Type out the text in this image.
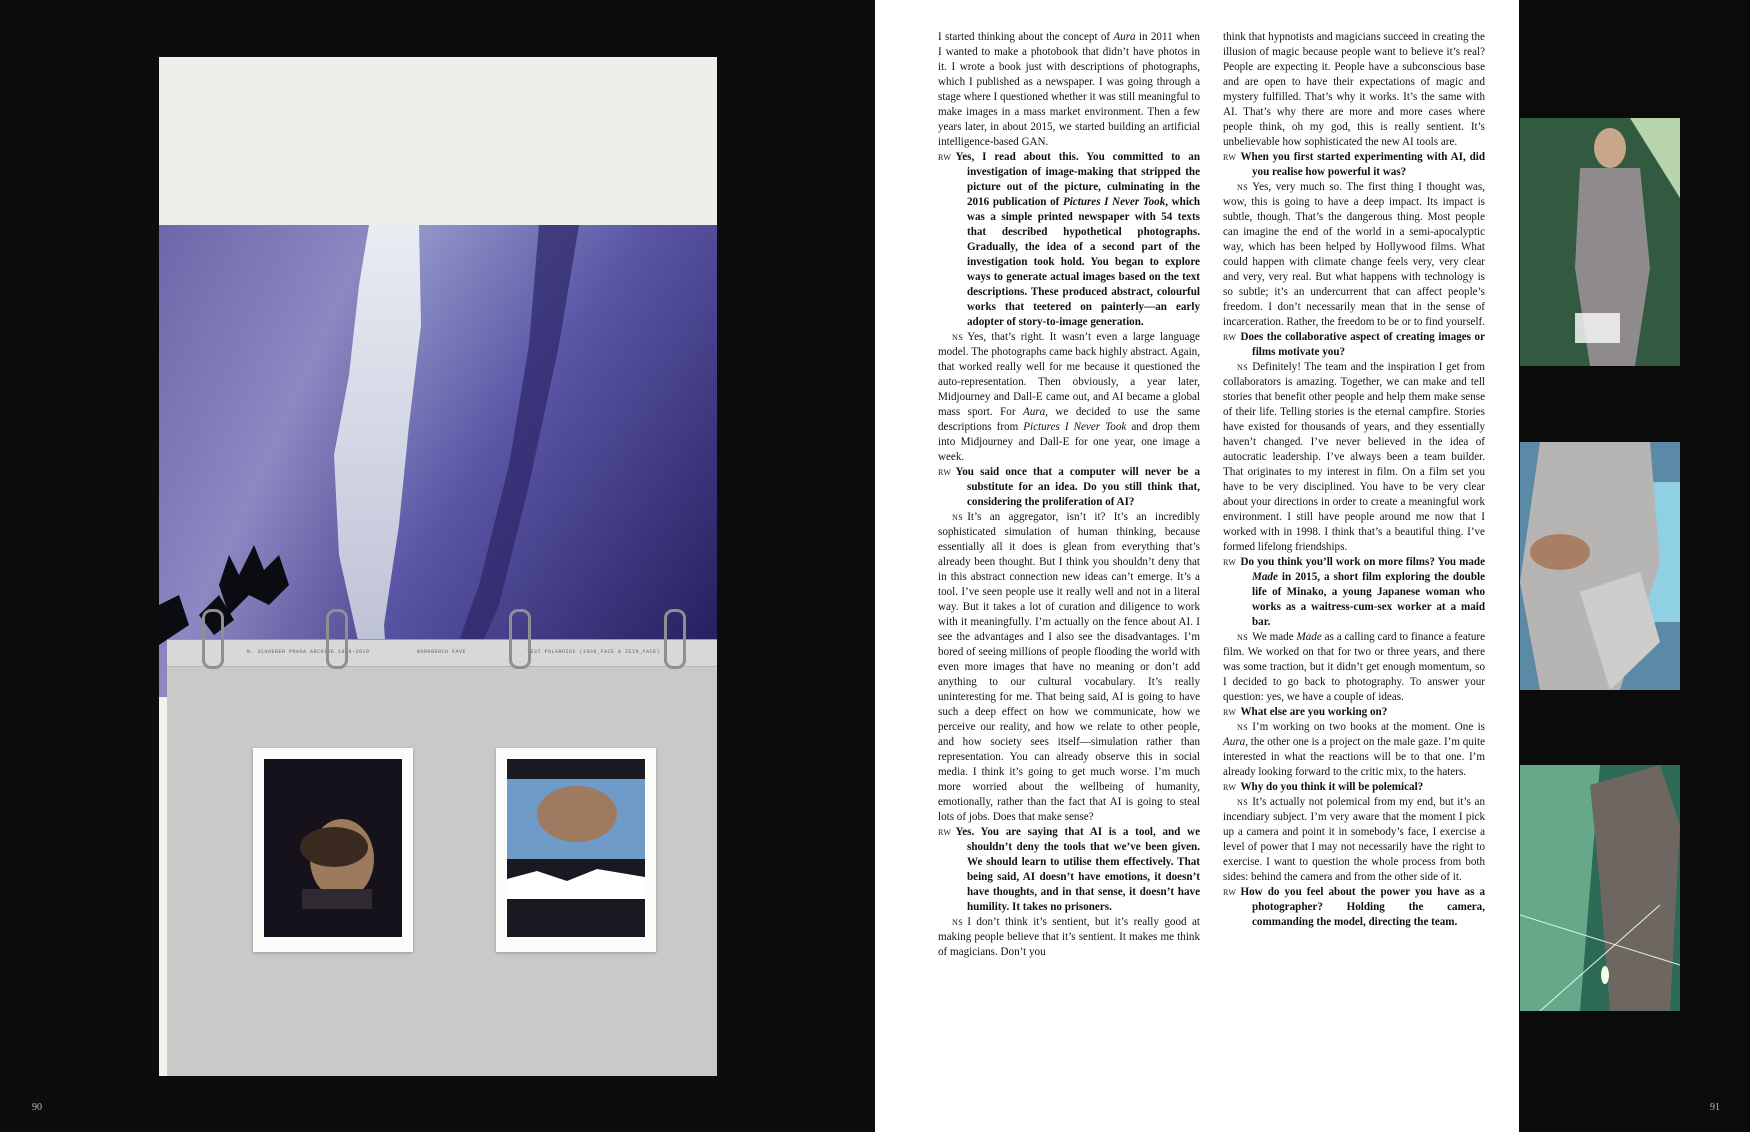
N. SCHOERER PRADA ARCHIVE 1998–2010	WORKBENCH FAVE	TEST POLAROIDS (1998_FACE & ZEIN_FACE)
90

I started thinking about the concept of Aura in 2011 when I wanted to make a photobook that didn’t have photos in it. I wrote a book just with descriptions of photographs, which I published as a newspaper. I was going through a stage where I questioned whether it was still meaningful to make images in a mass market environment. Then a few years later, in about 2015, we started building an artificial intelligence-based GAN.

RW Yes, I read about this. You committed to an investigation of image-making that stripped the picture out of the picture, culminating in the 2016 publication of Pictures I Never Took, which was a simple printed newspaper with 54 texts that described hypothetical photographs. Gradually, the idea of a second part of the investigation took hold. You began to explore ways to generate actual images based on the text descriptions. These produced abstract, colourful works that teetered on painterly—an early adopter of story-to-image generation.

NS Yes, that’s right. It wasn’t even a large language model. The photographs came back highly abstract. Again, that worked really well for me because it questioned the auto-representation. Then obviously, a year later, Midjourney and Dall-E came out, and AI became a global mass sport. For Aura, we decided to use the same descriptions from Pictures I Never Took and drop them into Midjourney and Dall-E for one year, one image a week.

RW You said once that a computer will never be a substitute for an idea. Do you still think that, considering the proliferation of AI?

NS It’s an aggregator, isn’t it? It’s an incredibly sophisticated simulation of human thinking, because essentially all it does is glean from everything that’s already been thought. But I think you shouldn’t deny that in this abstract connection new ideas can’t emerge. It’s a tool. I’ve seen people use it really well and not in a literal way. But it takes a lot of curation and diligence to work with it meaningfully. I’m actually on the fence about AI. I see the advantages and I also see the disadvantages. I’m bored of seeing millions of people flooding the world with even more images that have no meaning or don’t add anything to our cultural vocabulary. It’s really uninteresting for me. That being said, AI is going to have such a deep effect on how we communicate, how we perceive our reality, and how we relate to other people, and how society sees itself—simulation rather than representation. You can already observe this in social media. I think it’s going to get much worse. I’m much more worried about the wellbeing of humanity, emotionally, rather than the fact that AI is going to steal lots of jobs. Does that make sense?

RW Yes. You are saying that AI is a tool, and we shouldn’t deny the tools that we’ve been given. We should learn to utilise them effectively. That being said, AI doesn’t have emotions, it doesn’t have thoughts, and in that sense, it doesn’t have humility. It takes no prisoners.

NS I don’t think it’s sentient, but it’s really good at making people believe that it’s sentient. It makes me think of magicians. Don’t you

think that hypnotists and magicians succeed in creating the illusion of magic because people want to believe it’s real? People are expecting it. People have a subconscious base and are open to have their expectations of magic and mystery fulfilled. That’s why it works. It’s the same with AI. That’s why there are more and more cases where people think, oh my god, this is really sentient. It’s unbelievable how sophisticated the new AI tools are.

RW When you first started experimenting with AI, did you realise how powerful it was?

NS Yes, very much so. The first thing I thought was, wow, this is going to have a deep impact. Its impact is subtle, though. That’s the dangerous thing. Most people can imagine the end of the world in a semi-apocalyptic way, which has been helped by Hollywood films. What could happen with climate change feels very, very clear and very, very real. But what happens with technology is so subtle; it’s an undercurrent that can affect people’s freedom. I don’t necessarily mean that in the sense of incarceration. Rather, the freedom to be or to find yourself.

RW Does the collaborative aspect of creating images or films motivate you?

NS Definitely! The team and the inspiration I get from collaborators is amazing. Together, we can make and tell stories that benefit other people and help them make sense of their life. Telling stories is the eternal campfire. Stories have existed for thousands of years, and they essentially haven’t changed. I’ve never believed in the idea of autocratic leadership. I’ve always been a team builder. That originates to my interest in film. On a film set you have to be very disciplined. You have to be very clear about your directions in order to create a meaningful work environment. I still have people around me now that I worked with in 1998. I think that’s a beautiful thing. I’ve formed lifelong friendships.

RW Do you think you’ll work on more films? You made Made in 2015, a short film exploring the double life of Minako, a young Japanese woman who works as a waitress-cum-sex worker at a maid bar.

NS We made Made as a calling card to finance a feature film. We worked on that for two or three years, and there was some traction, but it didn’t get enough momentum, so I decided to go back to photography. To answer your question: yes, we have a couple of ideas.

RW What else are you working on?

NS I’m working on two books at the moment. One is Aura, the other one is a project on the male gaze. I’m quite interested in what the reactions will be to that one. I’m already looking forward to the critic mix, to the haters.

RW Why do you think it will be polemical?

NS It’s actually not polemical from my end, but it’s an incendiary subject. I’m very aware that the moment I pick up a camera and point it in somebody’s face, I exercise a level of power that I may not necessarily have the right to exercise. I want to question the whole process from both sides: behind the camera and from the other side of it.

RW How do you feel about the power you have as a photographer? Holding the camera, commanding the model, directing the team.

91
